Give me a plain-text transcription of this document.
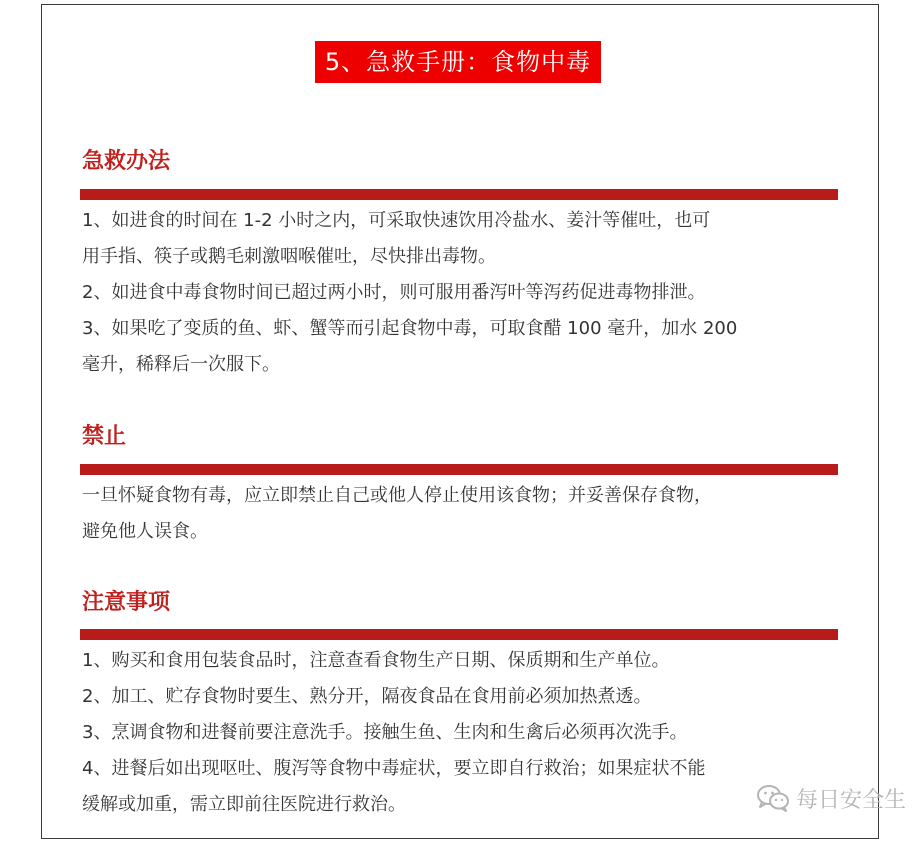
5、急救手册：食物中毒
急救办法
1、如进食的时间在 1-2 小时之内，可采取快速饮用冷盐水、姜汁等催吐，也可
用手指、筷子或鹅毛刺激咽喉催吐，尽快排出毒物。
2、如进食中毒食物时间已超过两小时，则可服用番泻叶等泻药促进毒物排泄。
3、如果吃了变质的鱼、虾、蟹等而引起食物中毒，可取食醋 100 毫升，加水 200
毫升，稀释后一次服下。
禁止
一旦怀疑食物有毒，应立即禁止自己或他人停止使用该食物；并妥善保存食物，
避免他人误食。
注意事项
1、购买和食用包装食品时，注意查看食物生产日期、保质期和生产单位。
2、加工、贮存食物时要生、熟分开，隔夜食品在食用前必须加热煮透。
3、烹调食物和进餐前要注意洗手。接触生鱼、生肉和生禽后必须再次洗手。
4、进餐后如出现呕吐、腹泻等食物中毒症状，要立即自行救治；如果症状不能
缓解或加重，需立即前往医院进行救治。	每日安全生
